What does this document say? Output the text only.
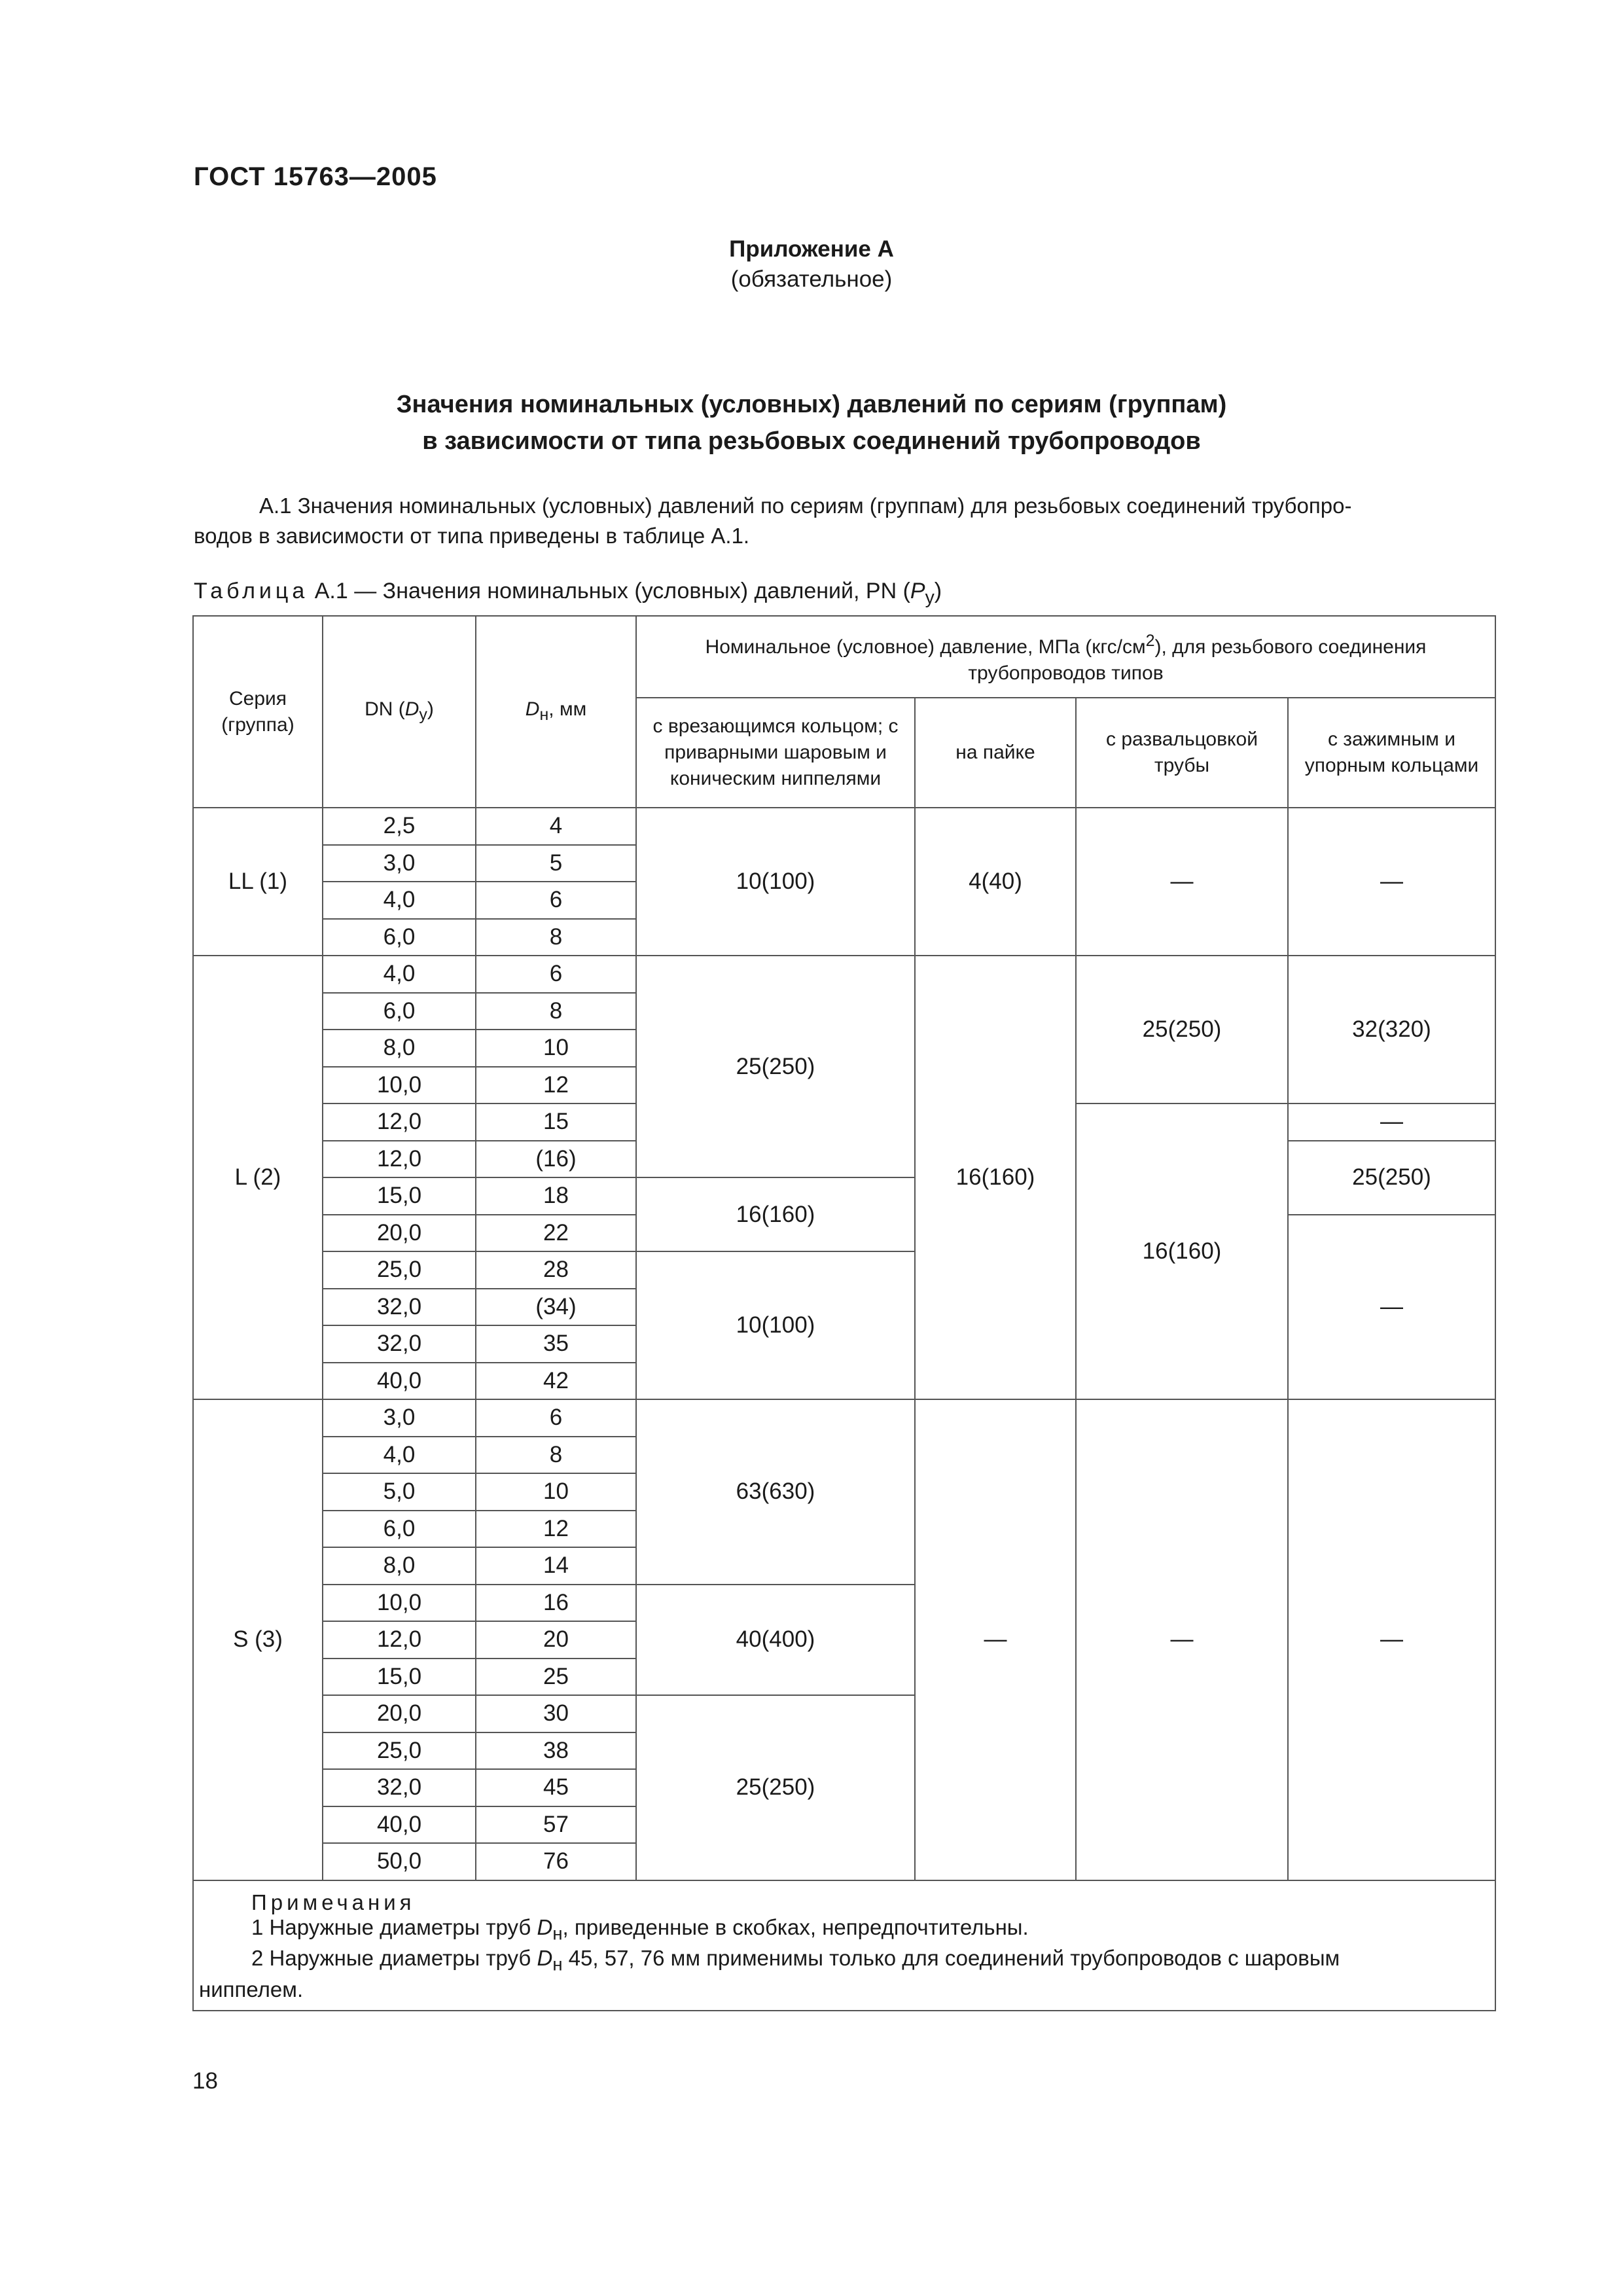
ГОСТ 15763—2005
Приложение А
(обязательное)
Значения номинальных (условных) давлений по сериям (группам)
в зависимости от типа резьбовых соединений трубопроводов
А.1 Значения номинальных (условных) давлений по сериям (группам) для резьбовых соединений трубопро-
водов в зависимости от типа приведены в таблице А.1.
Таблица А.1 — Значения номинальных (условных) давлений, PN $(P_у)$
Серия (группа)	DN $(D_у)$	$D_н$, мм	Номинальное (условное) давление, МПа $(кгс/см^2)$, для резьбового соединения трубопроводов типов			
			с врезающимся кольцом; с приварными шаровым и коническим ниппелями	на пайке	с развальцовкой трубы	с зажимным и упорным кольцами
LL (1)	2,5	4	10(100)	4(40)	—	—
	3,0	5				
	4,0	6				
	6,0	8				
L (2)	4,0	6	25(250)	16(160)	25(250)	32(320)
	6,0	8				
	8,0	10				
	10,0	12				
	12,0	15			16(160)	—
	12,0	(16)				25(250)
	15,0	18	16(160)			
	20,0	22				—
	25,0	28	10(100)			
	32,0	(34)				
	32,0	35				
	40,0	42				
S (3)	3,0	6	63(630)	—	—	—
	4,0	8				
	5,0	10				
	6,0	12				
	8,0	14				
	10,0	16	40(400)			
	12,0	20				
	15,0	25				
	20,0	30	25(250)			
	25,0	38				
	32,0	45				
	40,0	57				
	50,0	76				

Примечания
1 Наружные диаметры труб $D_н$, приведенные в скобках, непредпочтительны.
2 Наружные диаметры труб $D_н$ 45, 57, 76 мм применимы только для соединений трубопроводов с шаровым
ниппелем.						
18
